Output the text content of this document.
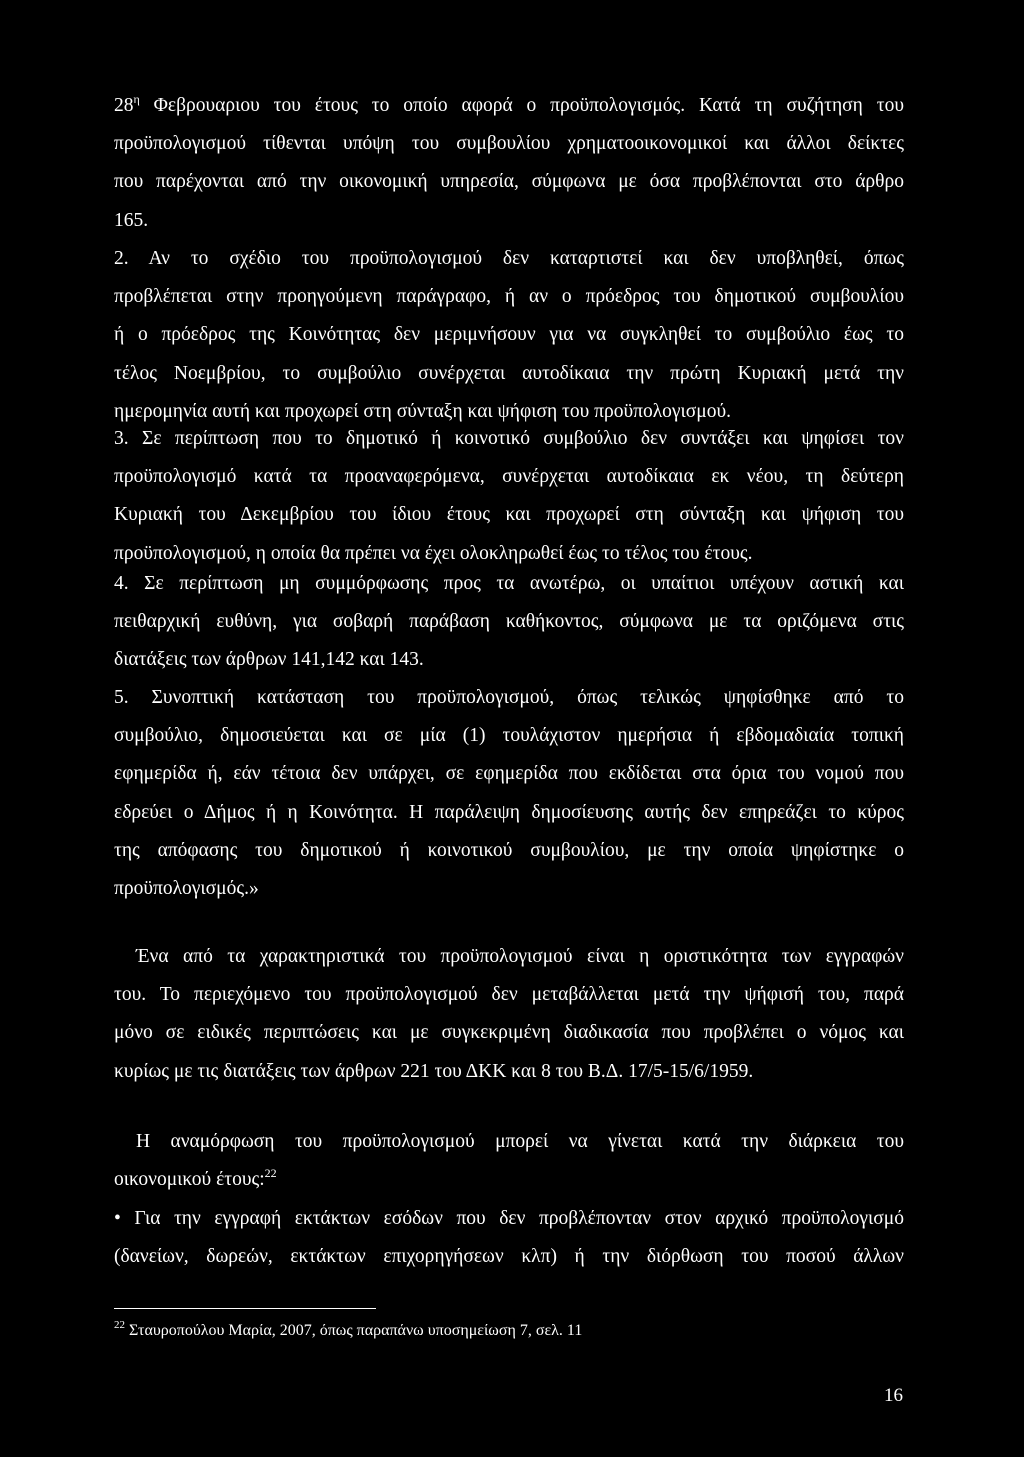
$28^\eta$ Φεβρουαριου του έτους το οποίο αφορά ο προϋπολογισμός. Κατά τη συζήτηση του

προϋπολογισμού τίθενται υπόψη του συμβουλίου χρηματοοικονομικοί και άλλοι δείκτες

που παρέχονται από την οικονομική υπηρεσία, σύμφωνα με όσα προβλέπονται στο άρθρο

165.

2. Αν το σχέδιο του προϋπολογισμού δεν καταρτιστεί και δεν υποβληθεί, όπως

προβλέπεται στην προηγούμενη παράγραφο, ή αν ο πρόεδρος του δημοτικού συμβουλίου

ή ο πρόεδρος της Κοινότητας δεν μεριμνήσουν για να συγκληθεί το συμβούλιο έως το

τέλος Νοεμβρίου, το συμβούλιο συνέρχεται αυτοδίκαια την πρώτη Κυριακή μετά την

ημερομηνία αυτή και προχωρεί στη σύνταξη και ψήφιση του προϋπολογισμού.

3. Σε περίπτωση που το δημοτικό ή κοινοτικό συμβούλιο δεν συντάξει και ψηφίσει τον

προϋπολογισμό κατά τα προαναφερόμενα, συνέρχεται αυτοδίκαια εκ νέου, τη δεύτερη

Κυριακή του Δεκεμβρίου του ίδιου έτους και προχωρεί στη σύνταξη και ψήφιση του

προϋπολογισμού, η οποία θα πρέπει να έχει ολοκληρωθεί έως το τέλος του έτους.

4. Σε περίπτωση μη συμμόρφωσης προς τα ανωτέρω, οι υπαίτιοι υπέχουν αστική και

πειθαρχική ευθύνη, για σοβαρή παράβαση καθήκοντος, σύμφωνα με τα οριζόμενα στις

διατάξεις των άρθρων 141,142 και 143.

5. Συνοπτική κατάσταση του προϋπολογισμού, όπως τελικώς ψηφίσθηκε από το

συμβούλιο, δημοσιεύεται και σε μία (1) τουλάχιστον ημερήσια ή εβδομαδιαία τοπική

εφημερίδα ή, εάν τέτοια δεν υπάρχει, σε εφημερίδα που εκδίδεται στα όρια του νομού που

εδρεύει ο Δήμος ή η Κοινότητα. Η παράλειψη δημοσίευσης αυτής δεν επηρεάζει το κύρος

της απόφασης του δημοτικού ή κοινοτικού συμβουλίου, με την οποία ψηφίστηκε ο

προϋπολογισμός.»

Ένα από τα χαρακτηριστικά του προϋπολογισμού είναι η οριστικότητα των εγγραφών

του. Το περιεχόμενο του προϋπολογισμού δεν μεταβάλλεται μετά την ψήφισή του, παρά

μόνο σε ειδικές περιπτώσεις και με συγκεκριμένη διαδικασία που προβλέπει ο νόμος και

κυρίως με τις διατάξεις των άρθρων 221 του ΔΚΚ και 8 του Β.Δ. 17/5-15/6/1959.

Η αναμόρφωση του προϋπολογισμού μπορεί να γίνεται κατά την διάρκεια του

οικονομικού έτους:$^{22}$

• Για την εγγραφή εκτάκτων εσόδων που δεν προβλέπονταν στον αρχικό προϋπολογισμό

(δανείων, δωρεών, εκτάκτων επιχορηγήσεων κλπ) ή την διόρθωση του ποσού άλλων

$^{22}$ Σταυροπούλου Μαρία, 2007, όπως παραπάνω υποσημείωση 7, σελ. 11
16
